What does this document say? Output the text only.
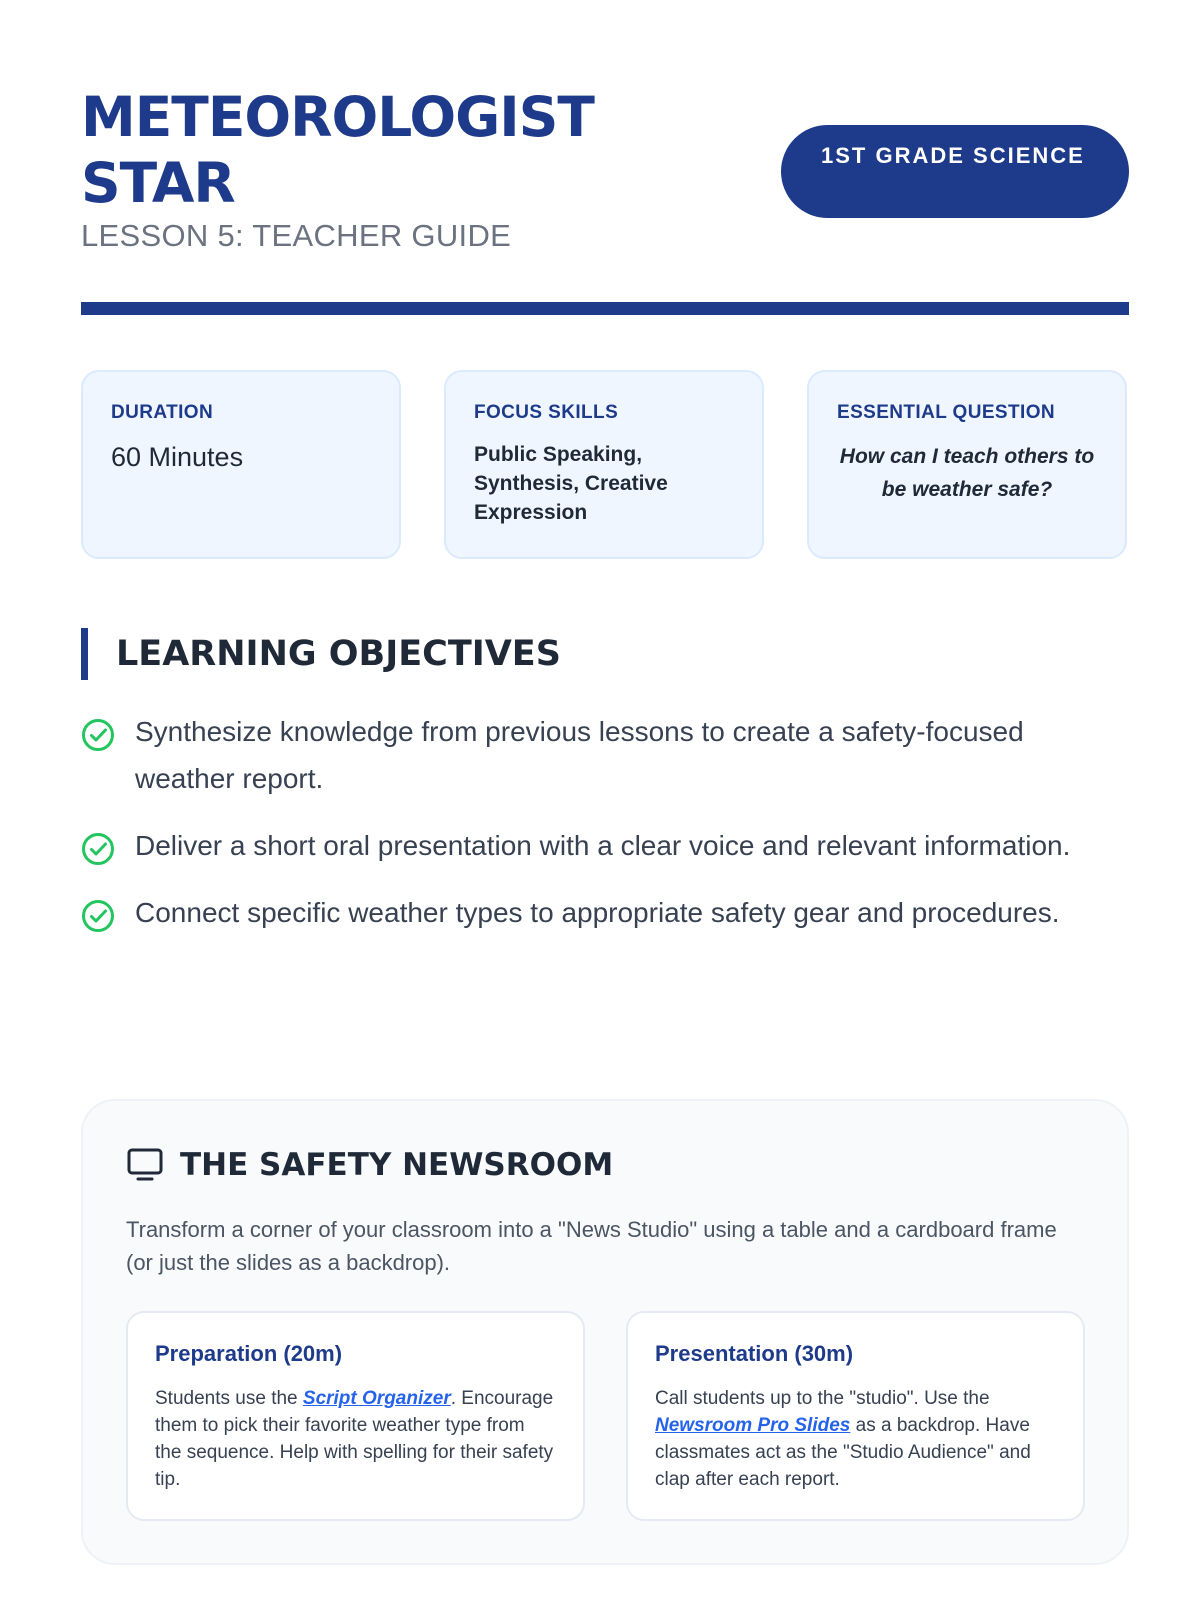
METEOROLOGIST STAR
LESSON 5: TEACHER GUIDE
1ST GRADE SCIENCE
DURATION
60 Minutes
FOCUS SKILLS
Public Speaking, Synthesis, Creative Expression
ESSENTIAL QUESTION
How can I teach others to be weather safe?
LEARNING OBJECTIVES
Synthesize knowledge from previous lessons to create a safety-focused weather report.
Deliver a short oral presentation with a clear voice and relevant information.
Connect specific weather types to appropriate safety gear and procedures.
THE SAFETY NEWSROOM

Transform a corner of your classroom into a "News Studio" using a table and a cardboard frame (or just the slides as a backdrop).

Preparation (20m)

Students use the Script Organizer. Encourage them to pick their favorite weather type from the sequence. Help with spelling for their safety tip.

Presentation (30m)

Call students up to the "studio". Use the Newsroom Pro Slides as a backdrop. Have classmates act as the "Studio Audience" and clap after each report.
